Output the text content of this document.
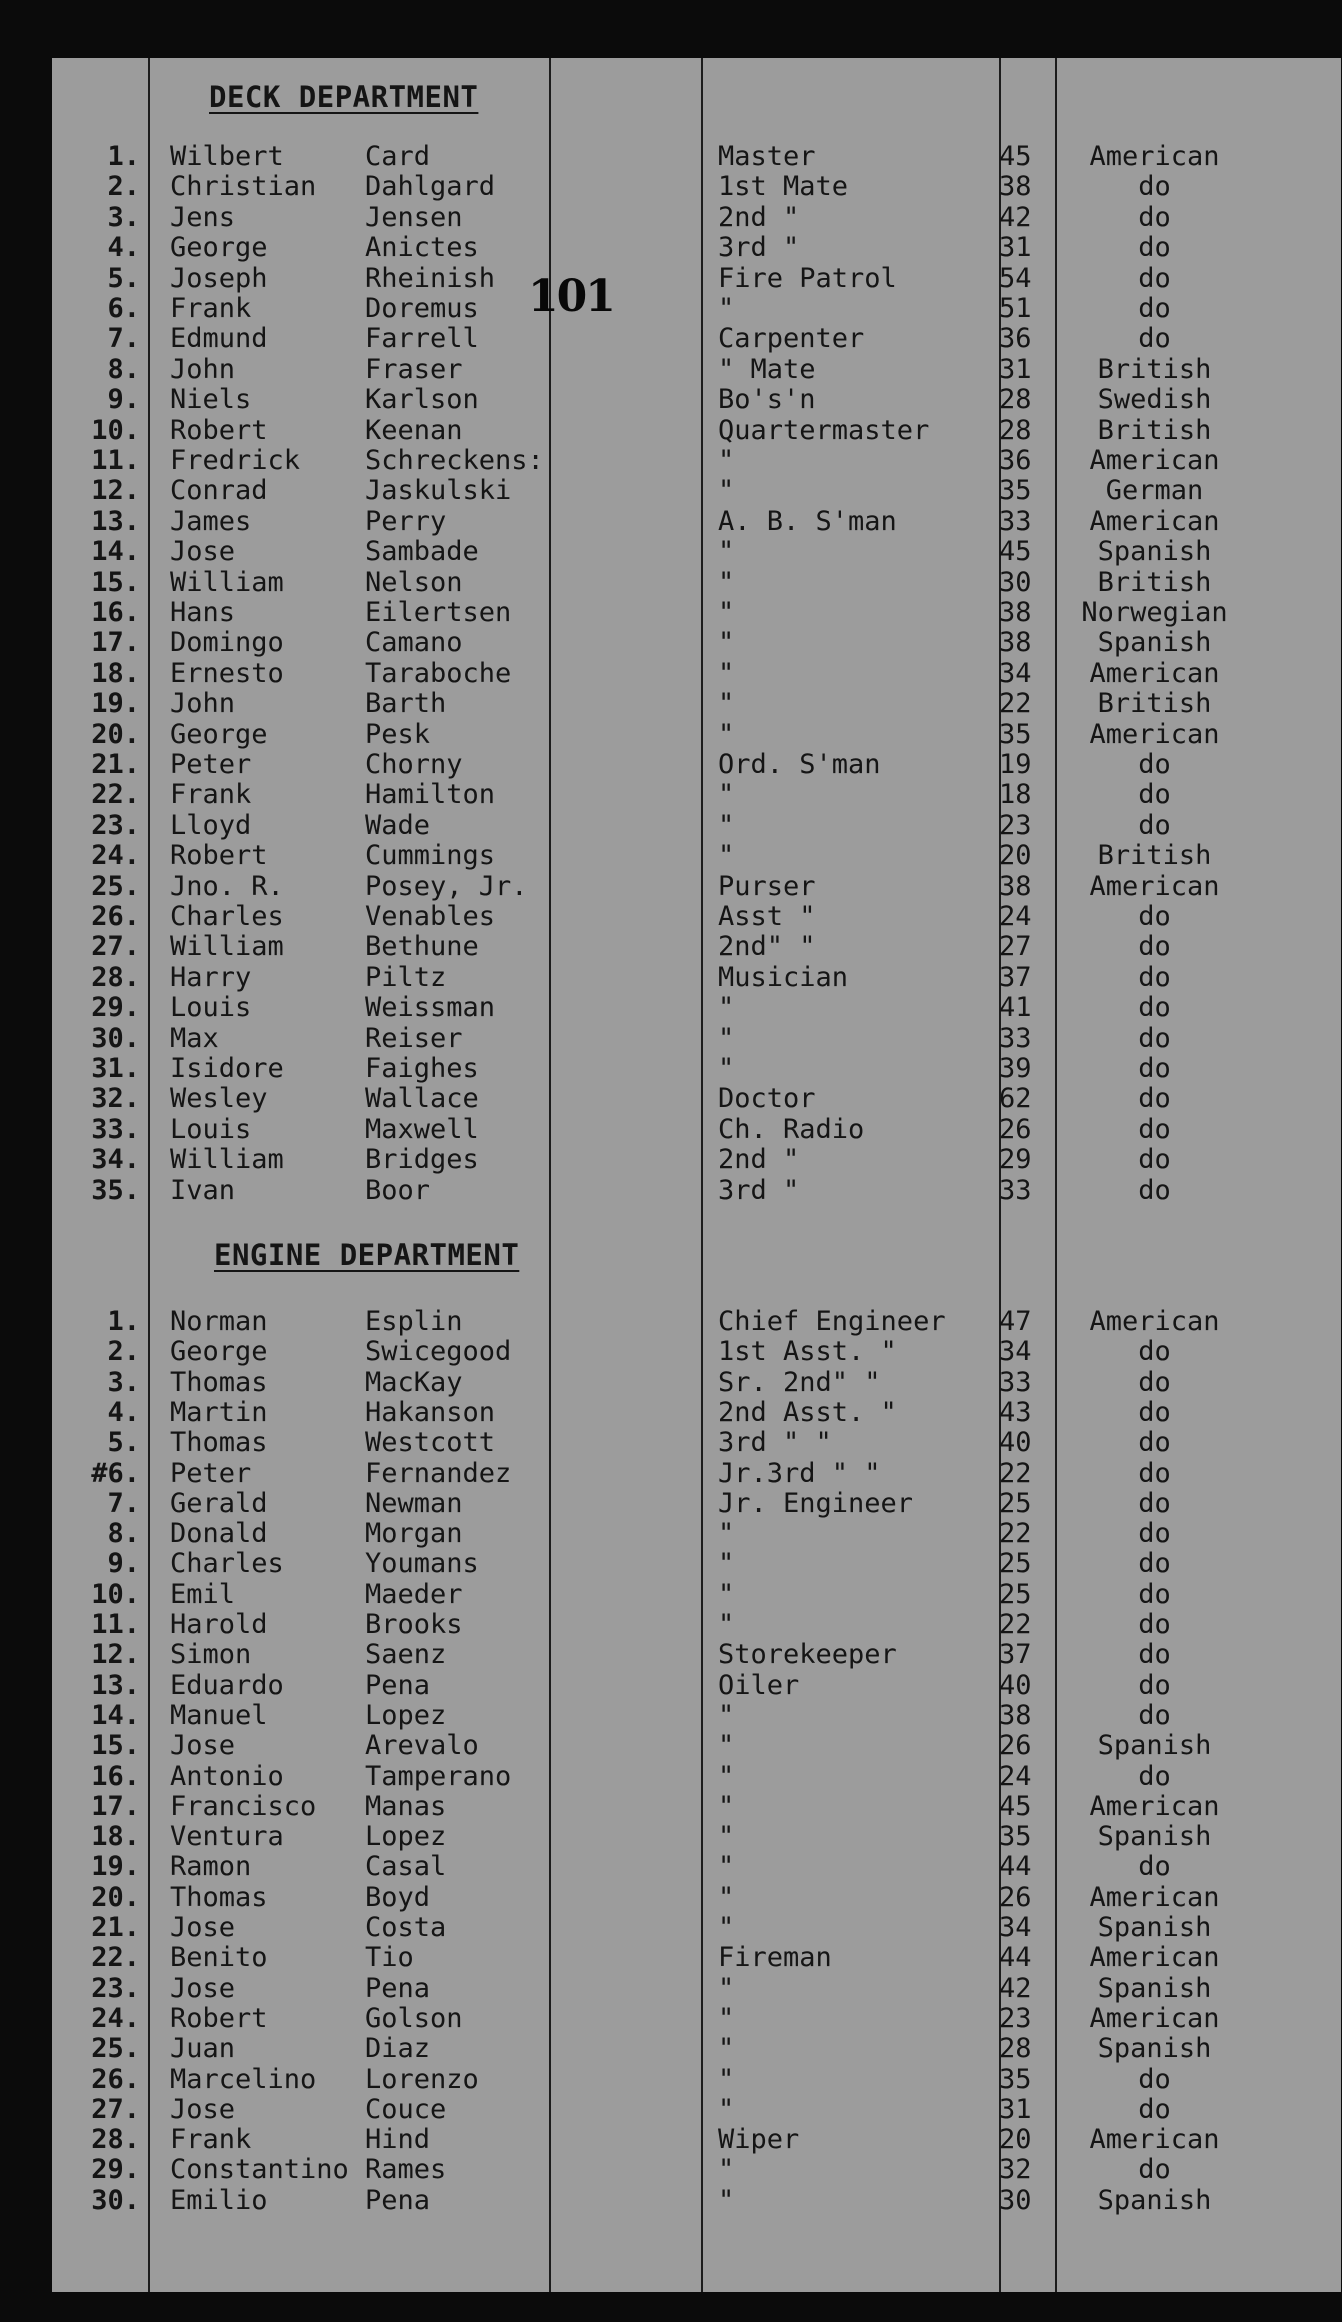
101
DECK DEPARTMENT
1. Wilbert	Card	Master	45	American
2. Christian Dahlgard	1st Mate	38	do
3. Jens	Jensen	2nd "	42	do
4. George	Anictes	3rd "	31	do
5. Joseph	Rheinish	Fire Patrol	54	do
6. Frank	Doremus	"	51	do
7. Edmund	Farrell	Carpenter	36	do
8. John	Fraser	" Mate	31	British
9. Niels	Karlson	Bo's'n	28	Swedish
10. Robert	Keenan	Quartermaster	28	British
11. Fredrick Schreckens:	"	36	American
12. Conrad	Jaskulski	"	35	German
13. James	Perry	A. B. S'man	33	American
14. Jose	Sambade	"	45	Spanish
15. William	Nelson	"	30	British
16. Hans	Eilertsen	"	38	Norwegian
17. Domingo	Camano	"	38	Spanish
18. Ernesto	Taraboche	"	34	American
19. John	Barth	"	22	British
20. George	Pesk	"	35	American
21. Peter	Chorny	Ord. S'man	19	do
22. Frank	Hamilton	"	18	do
23. Lloyd	Wade	"	23	do
24. Robert	Cummings	"	20	British
25. Jno. R.	Posey, Jr.	Purser	38	American
26. Charles	Venables	Asst "	24	do
27. William	Bethune	2nd" "	27	do
28. Harry	Piltz	Musician	37	do
29. Louis	Weissman	"	41	do
30. Max	Reiser	"	33	do
31. Isidore	Faighes	"	39	do
32. Wesley	Wallace	Doctor	62	do
33. Louis	Maxwell	Ch. Radio	26	do
34. William	Bridges	2nd "	29	do
35. Ivan	Boor	3rd "	33	do
ENGINE DEPARTMENT
1. Norman	Esplin	Chief Engineer 47	American
2. George	Swicegood	1st Asst. "	34	do
3. Thomas	MacKay	Sr. 2nd" "	33	do
4. Martin	Hakanson	2nd Asst. "	43	do
5. Thomas	Westcott	3rd " "	40	do
#6. Peter	Fernandez	Jr.3rd " "	22	do
7. Gerald	Newman	Jr. Engineer	25	do
8. Donald	Morgan	"	22	do
9. Charles	Youmans	"	25	do
10. Emil	Maeder	"	25	do
11. Harold	Brooks	"	22	do
12. Simon	Saenz	Storekeeper	37	do
13. Eduardo	Pena	Oiler	40	do
14. Manuel	Lopez	"	38	do
15. Jose	Arevalo	"	26	Spanish
16. Antonio	Tamperano	"	24	do
17. Francisco Manas	"	45	American
18. Ventura	Lopez	"	35	Spanish
19. Ramon	Casal	"	44	do
20. Thomas	Boyd	"	26	American
21. Jose	Costa	"	34	Spanish
22. Benito	Tio	Fireman	44	American
23. Jose	Pena	"	42	Spanish
24. Robert	Golson	"	23	American
25. Juan	Diaz	"	28	Spanish
26. Marcelino Lorenzo	"	35	do
27. Jose	Couce	"	31	do
28. Frank	Hind	Wiper	20	American
29. Constantino Rames	"	32	do
30. Emilio	Pena	"	30	Spanish
